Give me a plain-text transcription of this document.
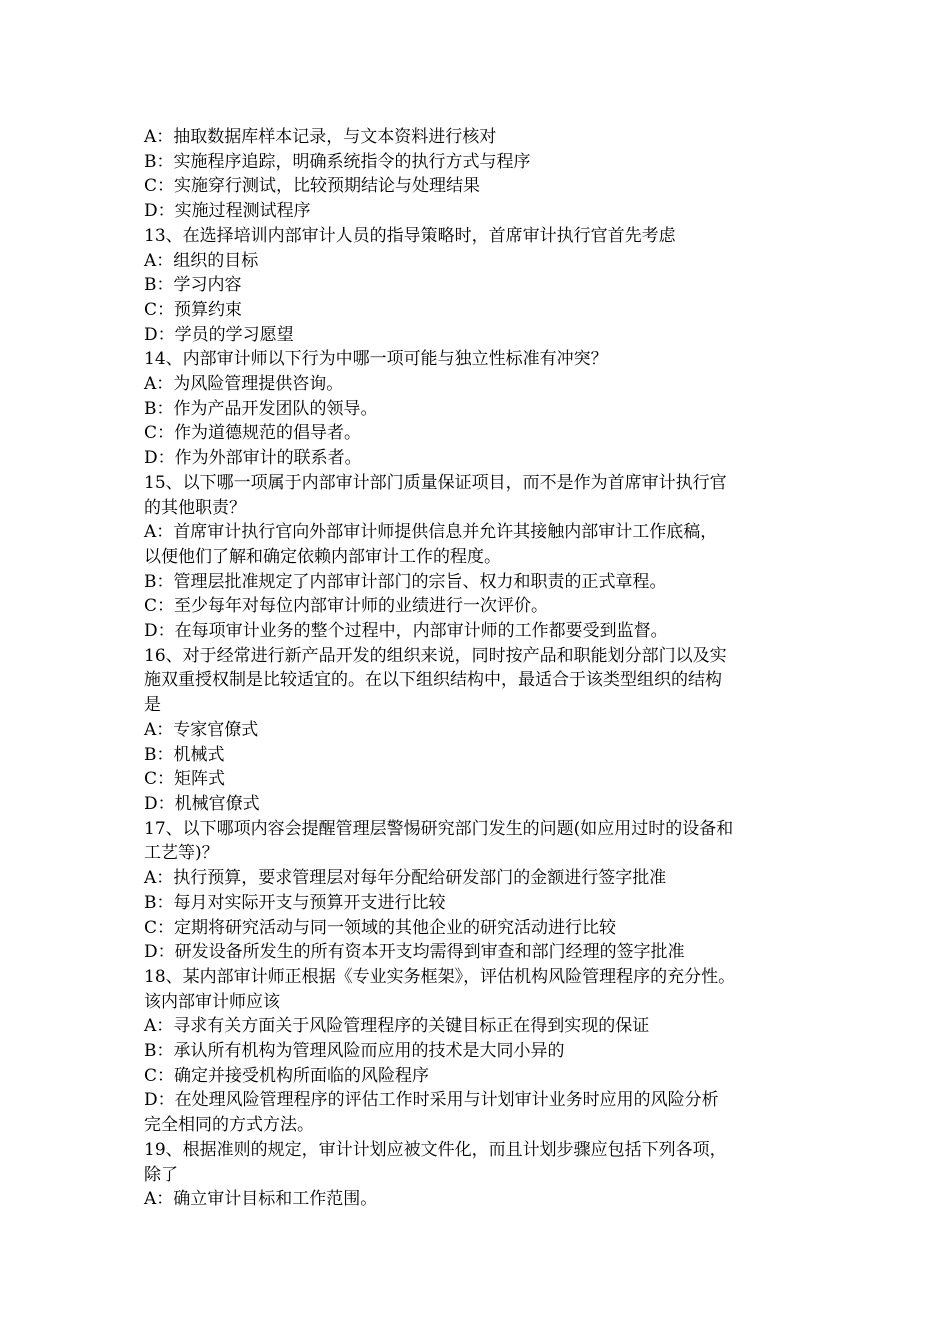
A：抽取数据库样本记录，与文本资料进行核对
B：实施程序追踪，明确系统指令的执行方式与程序
C：实施穿行测试，比较预期结论与处理结果
D：实施过程测试程序
13、在选择培训内部审计人员的指导策略时，首席审计执行官首先考虑
A：组织的目标
B：学习内容
C：预算约束
D：学员的学习愿望
14、内部审计师以下行为中哪一项可能与独立性标准有冲突？
A：为风险管理提供咨询。
B：作为产品开发团队的领导。
C：作为道德规范的倡导者。
D：作为外部审计的联系者。
15、以下哪一项属于内部审计部门质量保证项目，而不是作为首席审计执行官
的其他职责？
A：首席审计执行官向外部审计师提供信息并允许其接触内部审计工作底稿，
以便他们了解和确定依赖内部审计工作的程度。
B：管理层批准规定了内部审计部门的宗旨、权力和职责的正式章程。
C：至少每年对每位内部审计师的业绩进行一次评价。
D：在每项审计业务的整个过程中，内部审计师的工作都要受到监督。
16、对于经常进行新产品开发的组织来说，同时按产品和职能划分部门以及实
施双重授权制是比较适宜的。在以下组织结构中，最适合于该类型组织的结构
是
A：专家官僚式
B：机械式
C：矩阵式
D：机械官僚式
17、以下哪项内容会提醒管理层警惕研究部门发生的问题(如应用过时的设备和
工艺等)？
A：执行预算，要求管理层对每年分配给研发部门的金额进行签字批准
B：每月对实际开支与预算开支进行比较
C：定期将研究活动与同一领域的其他企业的研究活动进行比较
D：研发设备所发生的所有资本开支均需得到审查和部门经理的签字批准
18、某内部审计师正根据《专业实务框架》，评估机构风险管理程序的充分性。
该内部审计师应该
A：寻求有关方面关于风险管理程序的关键目标正在得到实现的保证
B：承认所有机构为管理风险而应用的技术是大同小异的
C：确定并接受机构所面临的风险程序
D：在处理风险管理程序的评估工作时采用与计划审计业务时应用的风险分析
完全相同的方式方法。
19、根据准则的规定，审计计划应被文件化，而且计划步骤应包括下列各项，
除了
A：确立审计目标和工作范围。
